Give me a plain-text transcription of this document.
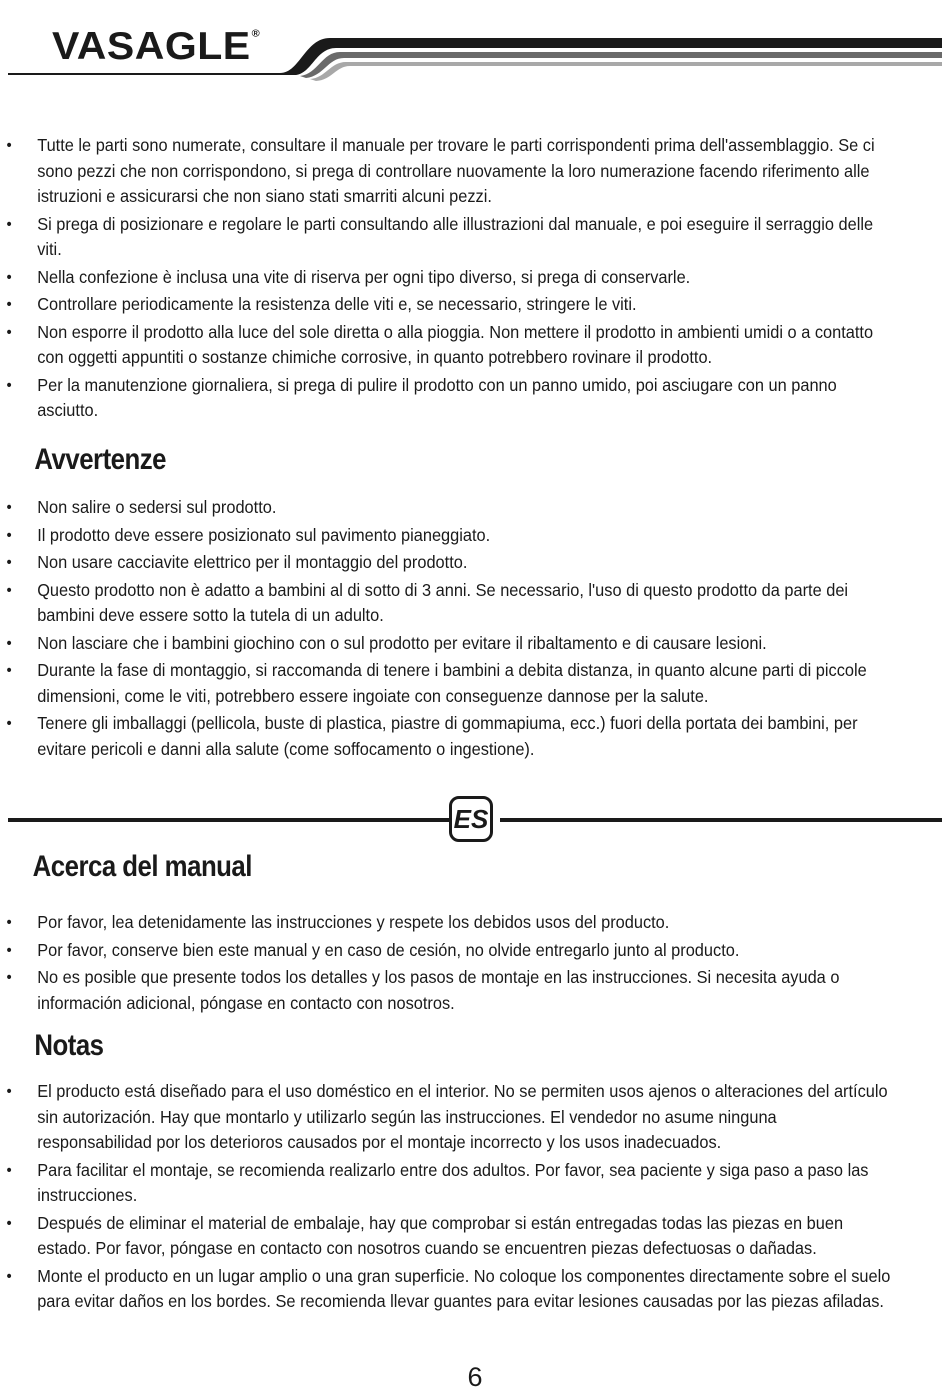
VASAGLE®
• Tutte le parti sono numerate, consultare il manuale per trovare le parti corrispondenti prima dell'assemblaggio. Se ci sono pezzi che non corrispondono, si prega di controllare nuovamente la loro numerazione facendo riferimento alle istruzioni e assicurarsi che non siano stati smarriti alcuni pezzi.
• Si prega di posizionare e regolare le parti consultando alle illustrazioni dal manuale, e poi eseguire il serraggio delle viti.
• Nella confezione è inclusa una vite di riserva per ogni tipo diverso, si prega di conservarle.
• Controllare periodicamente la resistenza delle viti e, se necessario, stringere le viti.
• Non esporre il prodotto alla luce del sole diretta o alla pioggia. Non mettere il prodotto in ambienti umidi o a contatto con oggetti appuntiti o sostanze chimiche corrosive, in quanto potrebbero rovinare il prodotto.
• Per la manutenzione giornaliera, si prega di pulire il prodotto con un panno umido, poi asciugare con un panno asciutto.
Avvertenze
• Non salire o sedersi sul prodotto.
• Il prodotto deve essere posizionato sul pavimento pianeggiato.
• Non usare cacciavite elettrico per il montaggio del prodotto.
• Questo prodotto non è adatto a bambini al di sotto di 3 anni. Se necessario, l'uso di questo prodotto da parte dei bambini deve essere sotto la tutela di un adulto.
• Non lasciare che i bambini giochino con o sul prodotto per evitare il ribaltamento e di causare lesioni.
• Durante la fase di montaggio, si raccomanda di tenere i bambini a debita distanza, in quanto alcune parti di piccole dimensioni, come le viti, potrebbero essere ingoiate con conseguenze dannose per la salute.
• Tenere gli imballaggi (pellicola, buste di plastica, piastre di gommapiuma, ecc.) fuori della portata dei bambini, per evitare pericoli e danni alla salute (come soffocamento o ingestione).
ES
Acerca del manual
• Por favor, lea detenidamente las instrucciones y respete los debidos usos del producto.
• Por favor, conserve bien este manual y en caso de cesión, no olvide entregarlo junto al producto.
• No es posible que presente todos los detalles y los pasos de montaje en las instrucciones. Si necesita ayuda o información adicional, póngase en contacto con nosotros.
Notas
• El producto está diseñado para el uso doméstico en el interior. No se permiten usos ajenos o alteraciones del artículo sin autorización. Hay que montarlo y utilizarlo según las instrucciones. El vendedor no asume ninguna responsabilidad por los deterioros causados por el montaje incorrecto y los usos inadecuados.
• Para facilitar el montaje, se recomienda realizarlo entre dos adultos. Por favor, sea paciente y siga paso a paso las instrucciones.
• Después de eliminar el material de embalaje, hay que comprobar si están entregadas todas las piezas en buen estado. Por favor, póngase en contacto con nosotros cuando se encuentren piezas defectuosas o dañadas.
• Monte el producto en un lugar amplio o una gran superficie. No coloque los componentes directamente sobre el suelo para evitar daños en los bordes. Se recomienda llevar guantes para evitar lesiones causadas por las piezas afiladas.
6
